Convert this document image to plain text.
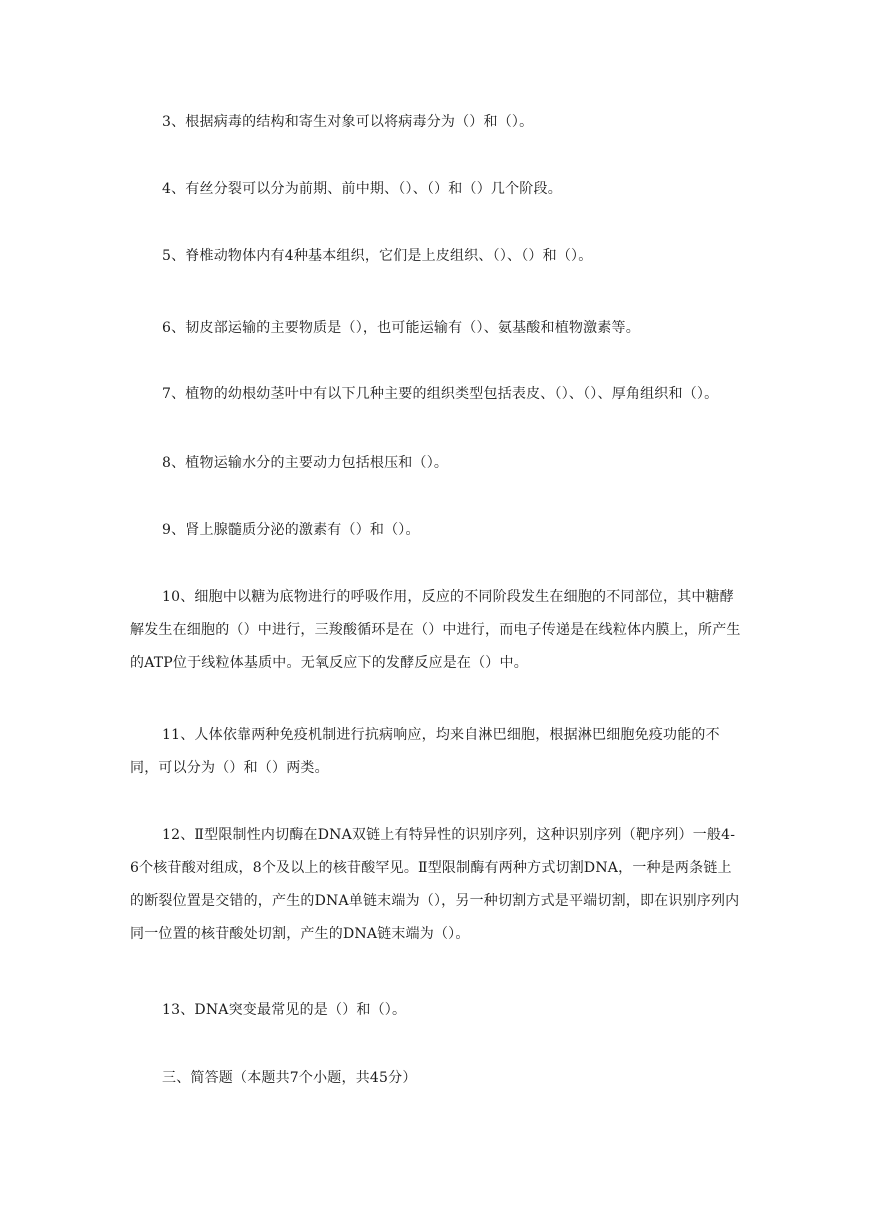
3、根据病毒的结构和寄生对象可以将病毒分为（）和（）。

4、有丝分裂可以分为前期、前中期、（）、（）和（）几个阶段。

5、脊椎动物体内有4种基本组织，它们是上皮组织、（）、（）和（）。

6、韧皮部运输的主要物质是（），也可能运输有（）、氨基酸和植物激素等。

7、植物的幼根幼茎叶中有以下几种主要的组织类型包括表皮、（）、（）、厚角组织和（）。

8、植物运输水分的主要动力包括根压和（）。

9、肾上腺髓质分泌的激素有（）和（）。

10、细胞中以糖为底物进行的呼吸作用，反应的不同阶段发生在细胞的不同部位，其中糖酵解发生在细胞的（）中进行，三羧酸循环是在（）中进行，而电子传递是在线粒体内膜上，所产生的ATP位于线粒体基质中。无氧反应下的发酵反应是在（）中。

11、人体依靠两种免疫机制进行抗病响应，均来自淋巴细胞，根据淋巴细胞免疫功能的不同，可以分为（）和（）两类。

12、Ⅱ型限制性内切酶在DNA双链上有特异性的识别序列，这种识别序列（靶序列）一般4-6个核苷酸对组成，8个及以上的核苷酸罕见。Ⅱ型限制酶有两种方式切割DNA，一种是两条链上的断裂位置是交错的，产生的DNA单链末端为（），另一种切割方式是平端切割，即在识别序列内同一位置的核苷酸处切割，产生的DNA链末端为（）。

13、DNA突变最常见的是（）和（）。

三、简答题（本题共7个小题，共45分）
